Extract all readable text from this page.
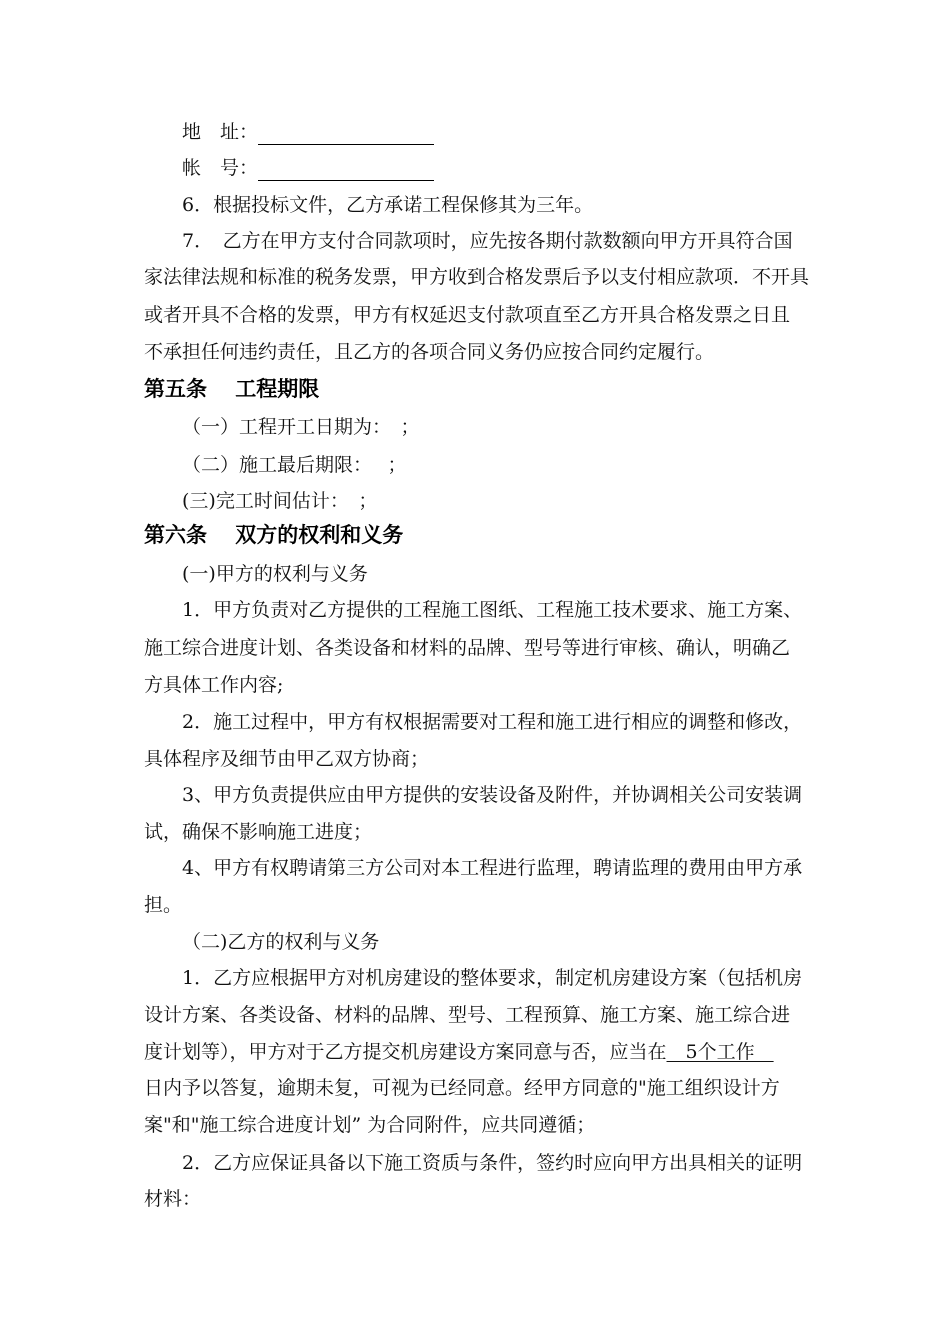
地　址：
帐　号：
6．根据投标文件，乙方承诺工程保修其为三年。
7．　乙方在甲方支付合同款项时，应先按各期付款数额向甲方开具符合国
家法律法规和标准的税务发票，甲方收到合格发票后予以支付相应款项．不开具
或者开具不合格的发票，甲方有权延迟支付款项直至乙方开具合格发票之日且
不承担任何违约责任，且乙方的各项合同义务仍应按合同约定履行。
第五条　 工程期限
（一）工程开工日期为：　；
（二）施工最后期限：　 ；
(三)完工时间估计：　；
第六条　 双方的权利和义务
(一)甲方的权利与义务
1．甲方负责对乙方提供的工程施工图纸、工程施工技术要求、施工方案、
施工综合进度计划、各类设备和材料的品牌、型号等进行审核、确认，明确乙
方具体工作内容;
2．施工过程中，甲方有权根据需要对工程和施工进行相应的调整和修改，
具体程序及细节由甲乙双方协商；
3、甲方负责提供应由甲方提供的安装设备及附件，并协调相关公司安装调
试，确保不影响施工进度；
4、甲方有权聘请第三方公司对本工程进行监理，聘请监理的费用由甲方承
担。
（二)乙方的权利与义务
1．乙方应根据甲方对机房建设的整体要求，制定机房建设方案（包括机房
设计方案、各类设备、材料的品牌、型号、工程预算、施工方案、施工综合进
度计划等），甲方对于乙方提交机房建设方案同意与否，应当在　5个工作　
日内予以答复，逾期未复，可视为已经同意。经甲方同意的"施工组织设计方
案"和"施工综合进度计划” 为合同附件，应共同遵循；
2．乙方应保证具备以下施工资质与条件，签约时应向甲方出具相关的证明
材料：
